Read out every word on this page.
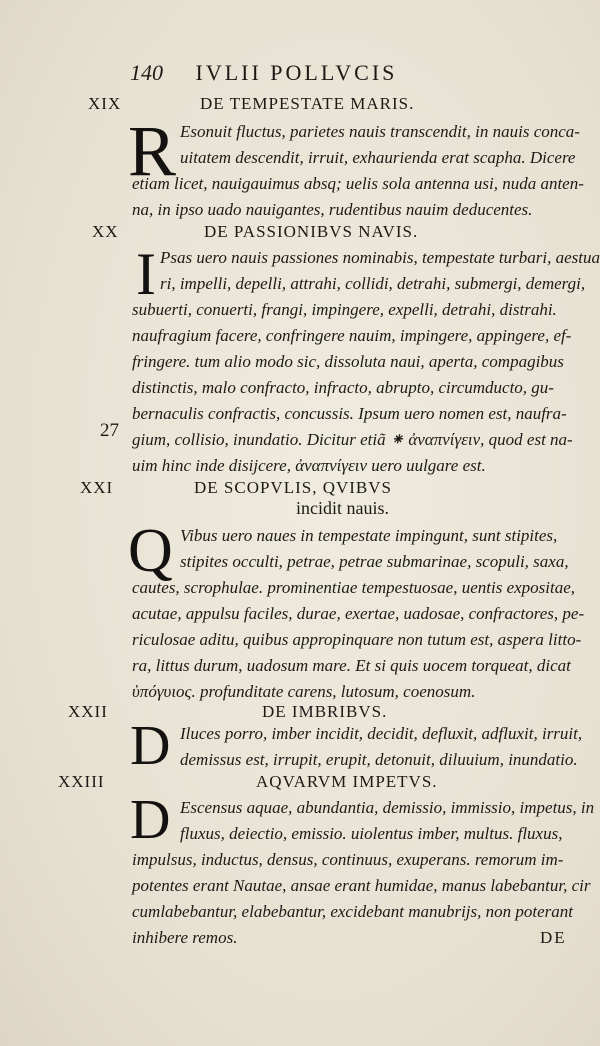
140 IVLII POLLVCIS
XIX	DE TEMPESTATE MARIS.
R Esonuit fluctus, parietes nauis transcendit, in nauis conca-
uitatem descendit, irruit, exhaurienda erat scapha. Dicere
etiam licet, nauigauimus absq; uelis sola antenna usi, nuda anten-
na, in ipso uado nauigantes, rudentibus nauim deducentes.
XX	DE PASSIONIBVS NAVIS.
I Psas uero nauis passiones nominabis, tempestate turbari, aestua
ri, impelli, depelli, attrahi, collidi, detrahi, submergi, demergi,
subuerti, conuerti, frangi, impingere, expelli, detrahi, distrahi.
naufragium facere, confringere nauim, impingere, appingere, ef-
fringere. tum alio modo sic, dissoluta naui, aperta, compagibus
distinctis, malo confracto, infracto, abrupto, circumducto, gu-
bernaculis confractis, concussis. Ipsum uero nomen est, naufra-
27 gium, collisio, inundatio. Dicitur etiã ⁕ ἀναπνίγειν, quod est na-
uim hinc inde disijcere, ἀναπνίγειν uero uulgare est.
XXI	DE SCOPVLIS, QVIBVS
incidit nauis.
Q Vibus uero naues in tempestate impingunt, sunt stipites,
stipites occulti, petrae, petrae submarinae, scopuli, saxa,
cautes, scrophulae. prominentiae tempestuosae, uentis expositae,
acutae, appulsu faciles, durae, exertae, uadosae, confractores, pe-
riculosae aditu, quibus appropinquare non tutum est, aspera litto-
ra, littus durum, uadosum mare. Et si quis uocem torqueat, dicat
ὑπόγυιος. profunditate carens, lutosum, coenosum.
XXII	DE IMBRIBVS.
D Iluces porro, imber incidit, decidit, defluxit, adfluxit, irruit,
demissus est, irrupit, erupit, detonuit, diluuium, inundatio.
XXIII	AQVARVM IMPETVS.
D Escensus aquae, abundantia, demissio, immissio, impetus, in
fluxus, deiectio, emissio. uiolentus imber, multus. fluxus,
impulsus, inductus, densus, continuus, exuperans. remorum im-
potentes erant Nautae, ansae erant humidae, manus labebantur, cir
cumlabebantur, elabebantur, excidebant manubrijs, non poterant
inhibere remos.	DE
